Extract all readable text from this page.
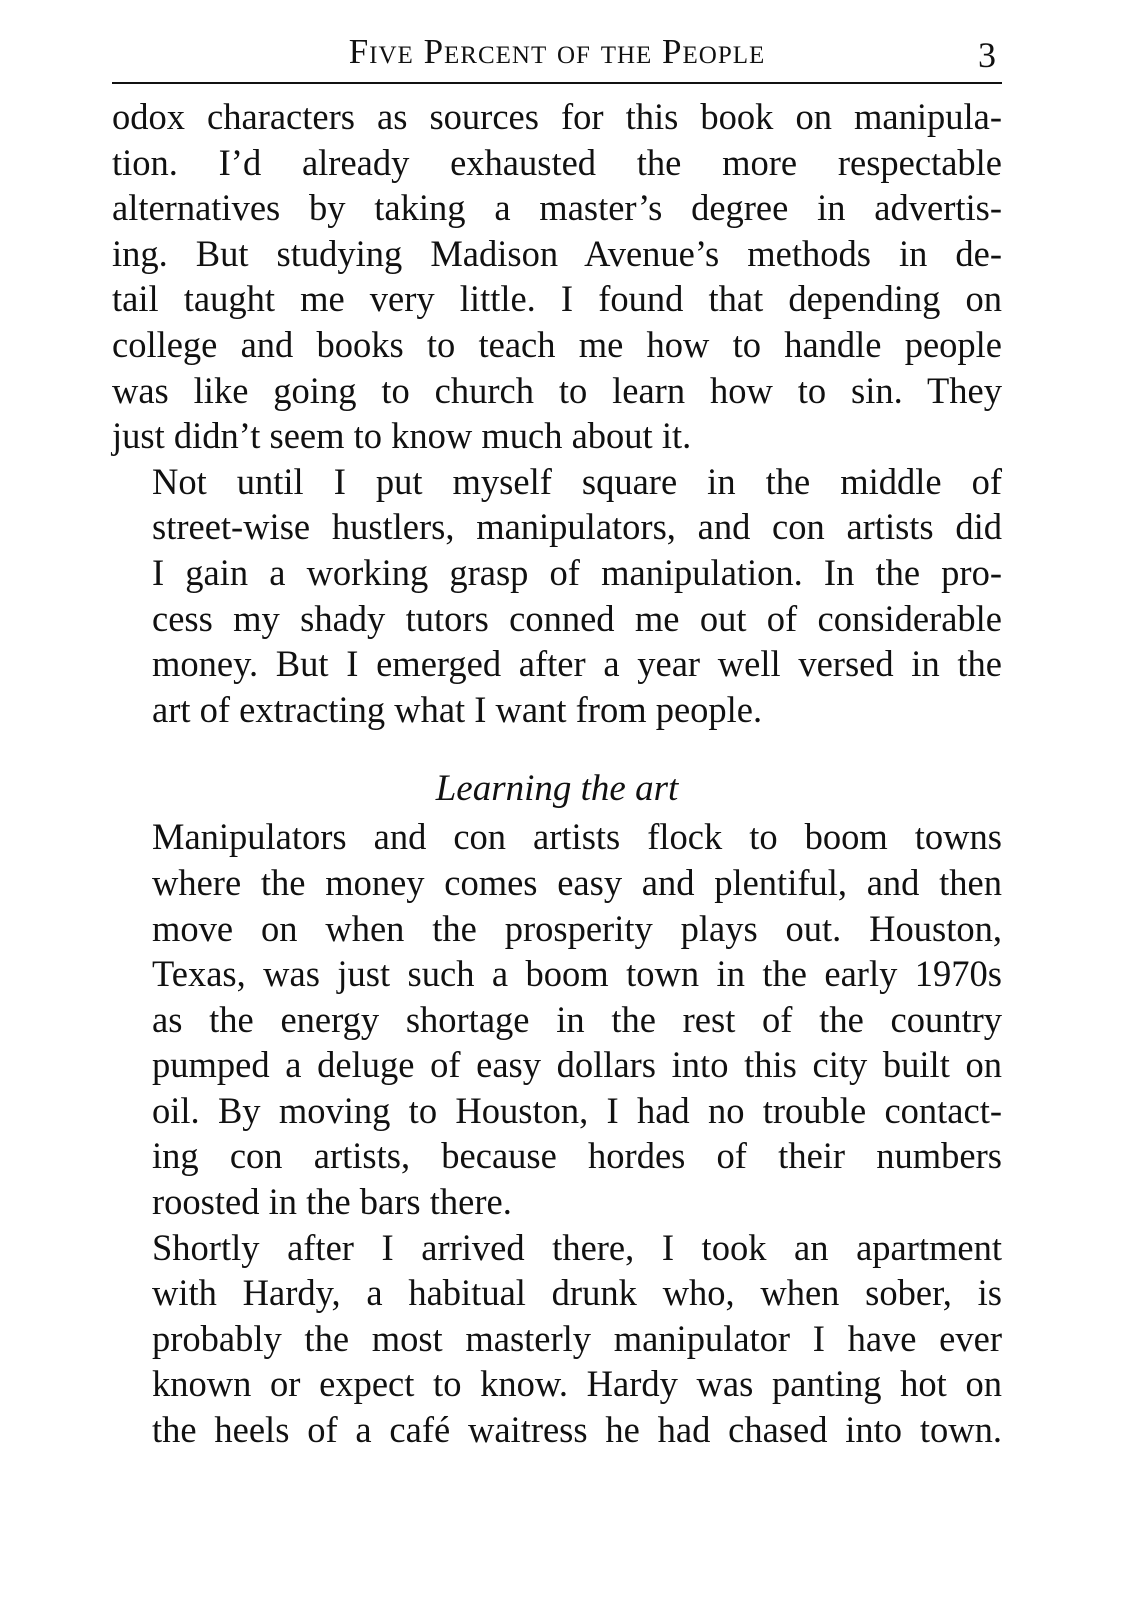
Five Percent of the People	3

odox characters as sources for this book on manipula-
tion. I’d already exhausted the more respectable
alternatives by taking a master’s degree in advertis-
ing. But studying Madison Avenue’s methods in de-
tail taught me very little. I found that depending on
college and books to teach me how to handle people
was like going to church to learn how to sin. They
just didn’t seem to know much about it.

Not until I put myself square in the middle of
street-wise hustlers, manipulators, and con artists did
I gain a working grasp of manipulation. In the pro-
cess my shady tutors conned me out of considerable
money. But I emerged after a year well versed in the
art of extracting what I want from people.

Learning the art

Manipulators and con artists flock to boom towns
where the money comes easy and plentiful, and then
move on when the prosperity plays out. Houston,
Texas, was just such a boom town in the early 1970s
as the energy shortage in the rest of the country
pumped a deluge of easy dollars into this city built on
oil. By moving to Houston, I had no trouble contact-
ing con artists, because hordes of their numbers
roosted in the bars there.

Shortly after I arrived there, I took an apartment
with Hardy, a habitual drunk who, when sober, is
probably the most masterly manipulator I have ever
known or expect to know. Hardy was panting hot on
the heels of a café waitress he had chased into town.
